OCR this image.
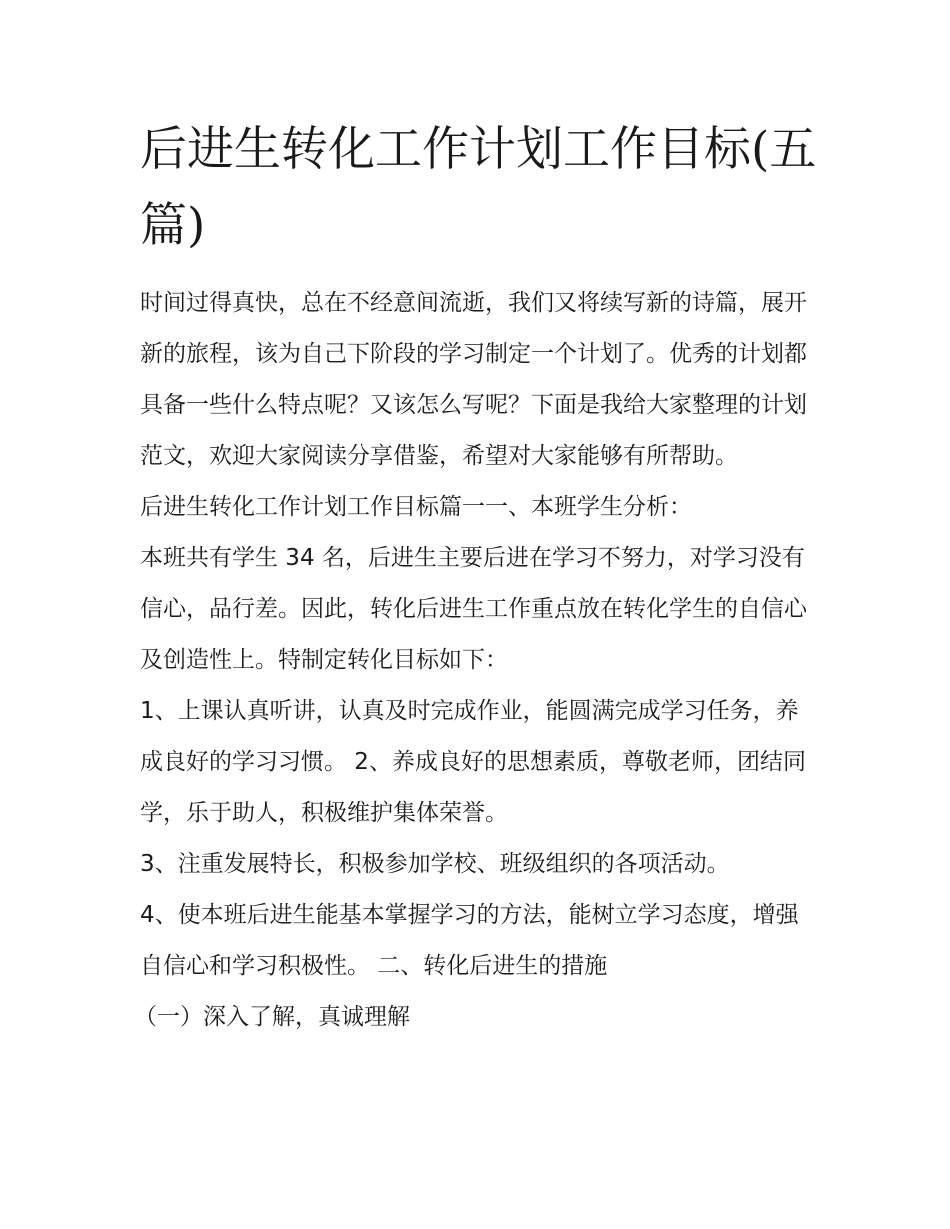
后进生转化工作计划工作目标(五篇)

时间过得真快，总在不经意间流逝，我们又将续写新的诗篇，展开新的旅程，该为自己下阶段的学习制定一个计划了。优秀的计划都具备一些什么特点呢？又该怎么写呢？下面是我给大家整理的计划范文，欢迎大家阅读分享借鉴，希望对大家能够有所帮助。

后进生转化工作计划工作目标篇一一、本班学生分析：

本班共有学生 34 名，后进生主要后进在学习不努力，对学习没有信心，品行差。因此，转化后进生工作重点放在转化学生的自信心及创造性上。特制定转化目标如下：

1、上课认真听讲，认真及时完成作业，能圆满完成学习任务，养成良好的学习习惯。 2、养成良好的思想素质，尊敬老师，团结同学，乐于助人，积极维护集体荣誉。

3、注重发展特长，积极参加学校、班级组织的各项活动。

4、使本班后进生能基本掌握学习的方法，能树立学习态度，增强自信心和学习积极性。 二、转化后进生的措施

（一）深入了解，真诚理解
